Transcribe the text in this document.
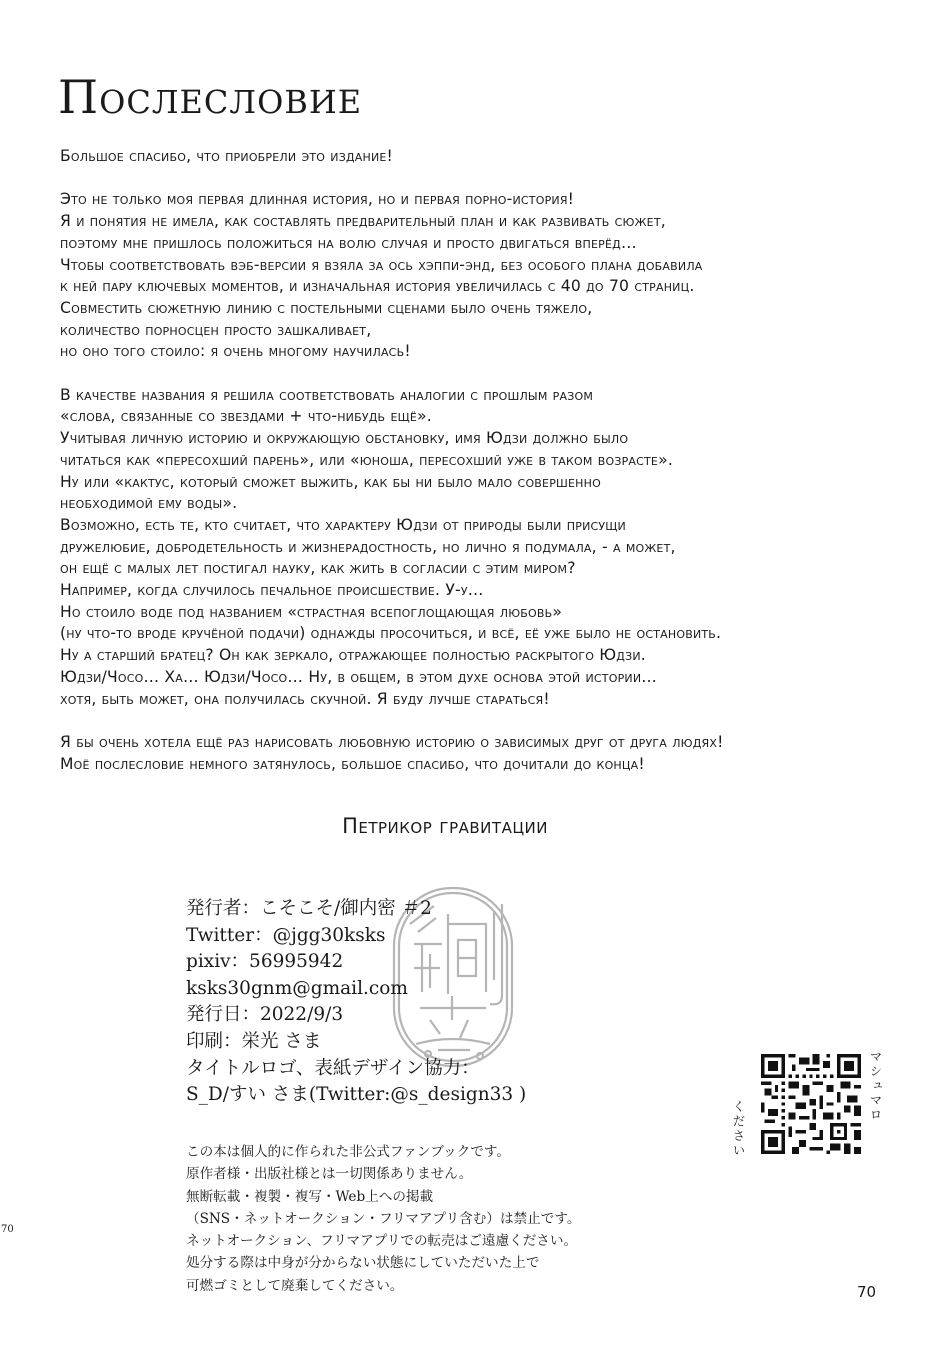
Послесловие

Большое спасибо, что приобрели это издание!

Это не только моя первая длинная история, но и первая порно-история!
Я и понятия не имела, как составлять предварительный план и как развивать сюжет,
поэтому мне пришлось положиться на волю случая и просто двигаться вперёд…
Чтобы соответствовать вэб-версии я взяла за ось хэппи-энд, без особого плана добавила
к ней пару ключевых моментов, и изначальная история увеличилась с 40 до 70 страниц.
Совместить сюжетную линию с постельными сценами было очень тяжело,
количество порносцен просто зашкаливает,
но оно того стоило: я очень многому научилась!

В качестве названия я решила соответствовать аналогии с прошлым разом
«слова, связанные со звездами + что-нибудь ещё».
Учитывая личную историю и окружающую обстановку, имя Юдзи должно было
читаться как «пересохший парень», или «юноша, пересохший уже в таком возрасте».
Ну или «кактус, который сможет выжить, как бы ни было мало совершенно
необходимой ему воды».
Возможно, есть те, кто считает, что характеру Юдзи от природы были присущи
дружелюбие, добродетельность и жизнерадостность, но лично я подумала, - а может,
он ещё с малых лет постигал науку, как жить в согласии с этим миром?
Например, когда случилось печальное происшествие. У-у…
Но стоило воде под названием «страстная всепоглощающая любовь»
(ну что-то вроде кручёной подачи) однажды просочиться, и всё, её уже было не остановить.
Ну а старший братец? Он как зеркало, отражающее полностью раскрытого Юдзи.
Юдзи/Чосо… Ха… Юдзи/Чосо… Ну, в общем, в этом духе основа этой истории…
хотя, быть может, она получилась скучной. Я буду лучше стараться!

Я бы очень хотела ещё раз нарисовать любовную историю о зависимых друг от друга людях!
Моё послесловие немного затянулось, большое спасибо, что дочитали до конца!

Петрикор гравитации
発行者：こそこそ/御内密 ＃2
Twitter：@jgg30ksks
pixiv：56995942
ksks30gnm@gmail.com
発行日：2022/9/3
印刷：栄光 さま
タイトルロゴ、表紙デザイン協力：
S_D/すい さま(Twitter:@s_design33 )
この本は個人的に作られた非公式ファンブックです。
原作者様・出版社様とは一切関係ありません。
無断転載・複製・複写・Web上への掲載
（SNS・ネットオークション・フリマアプリ含む）は禁止です。
ネットオークション、フリマアプリでの転売はご遠慮ください。
処分する際は中身が分からない状態にしていただいた上で
可燃ゴミとして廃棄してください。
マシュマロ
ください
70
70
